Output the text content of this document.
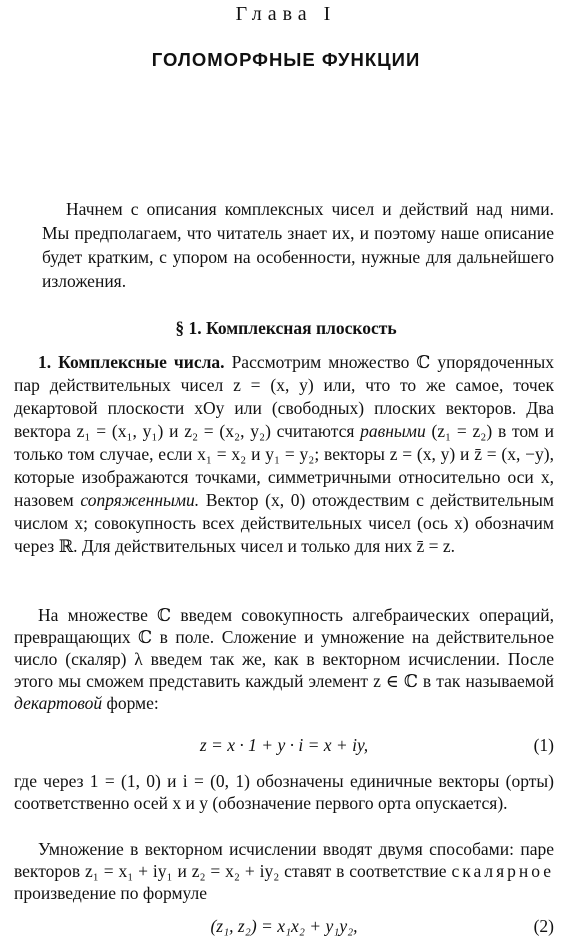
Глава I
ГОЛОМОРФНЫЕ ФУНКЦИИ
Начнем с описания комплексных чисел и действий над ними. Мы предполагаем, что читатель знает их, и поэтому наше описание будет кратким, с упором на особенности, нужные для дальнейшего изложения.
§ 1. Комплексная плоскость
1. Комплексные числа. Рассмотрим множество ℂ упорядоченных пар действительных чисел z = (x, y) или, что то же самое, точек декартовой плоскости xOy или (свободных) плоских векторов. Два вектора z₁ = (x₁, y₁) и z₂ = (x₂, y₂) считаются равными (z₁ = z₂) в том и только том случае, если x₁ = x₂ и y₁ = y₂; векторы z = (x, y) и z̄ = (x, −y), которые изображаются точками, симметричными относительно оси x, назовем сопряженными. Вектор (x, 0) отождествим с действительным числом x; совокупность всех действительных чисел (ось x) обозначим через ℝ. Для действительных чисел и только для них z̄ = z.
На множестве ℂ введем совокупность алгебраических операций, превращающих ℂ в поле. Сложение и умножение на действительное число (скаляр) λ введем так же, как в векторном исчислении. После этого мы сможем представить каждый элемент z ∈ ℂ в так называемой декартовой форме:
z = x · 1 + y · i = x + iy,	(1)
где через 1 = (1, 0) и i = (0, 1) обозначены единичные векторы (орты) соответственно осей x и y (обозначение первого орта опускается).
Умножение в векторном исчислении вводят двумя способами: паре векторов z₁ = x₁ + iy₁ и z₂ = x₂ + iy₂ ставят в соответствие скалярное произведение по формуле
(z₁, z₂) = x₁x₂ + y₁y₂,	(2)
